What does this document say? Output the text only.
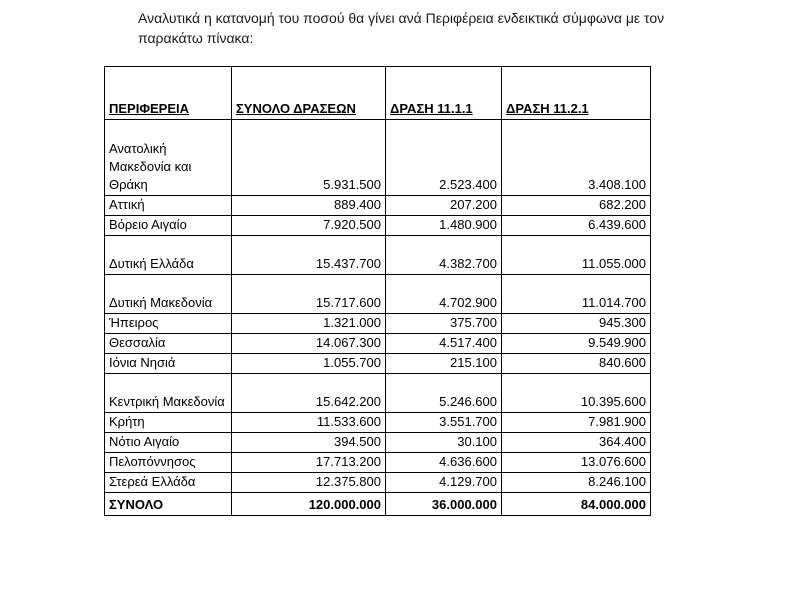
Αναλυτικά η κατανομή του ποσού θα γίνει ανά Περιφέρεια ενδεικτικά σύμφωνα με τον

παρακάτω πίνακα:

ΠΕΡΙΦΕΡΕΙΑ	ΣΥΝΟΛΟ ΔΡΑΣΕΩΝ	ΔΡΑΣΗ 11.1.1	ΔΡΑΣΗ 11.2.1
Ανατολική Μακεδονία και Θράκη	5.931.500	2.523.400	3.408.100
Αττική	889.400	207.200	682.200
Βόρειο Αιγαίο	7.920.500	1.480.900	6.439.600
Δυτική Ελλάδα	15.437.700	4.382.700	11.055.000
Δυτική Μακεδονία	15.717.600	4.702.900	11.014.700
Ήπειρος	1.321.000	375.700	945.300
Θεσσαλία	14.067.300	4.517.400	9.549.900
Ιόνια Νησιά	1.055.700	215.100	840.600
Κεντρική Μακεδονία	15.642.200	5.246.600	10.395.600
Κρήτη	11.533.600	3.551.700	7.981.900
Νότιο Αιγαίο	394.500	30.100	364.400
Πελοπόννησος	17.713.200	4.636.600	13.076.600
Στερεά Ελλάδα	12.375.800	4.129.700	8.246.100
ΣΥΝΟΛΟ	120.000.000	36.000.000	84.000.000
